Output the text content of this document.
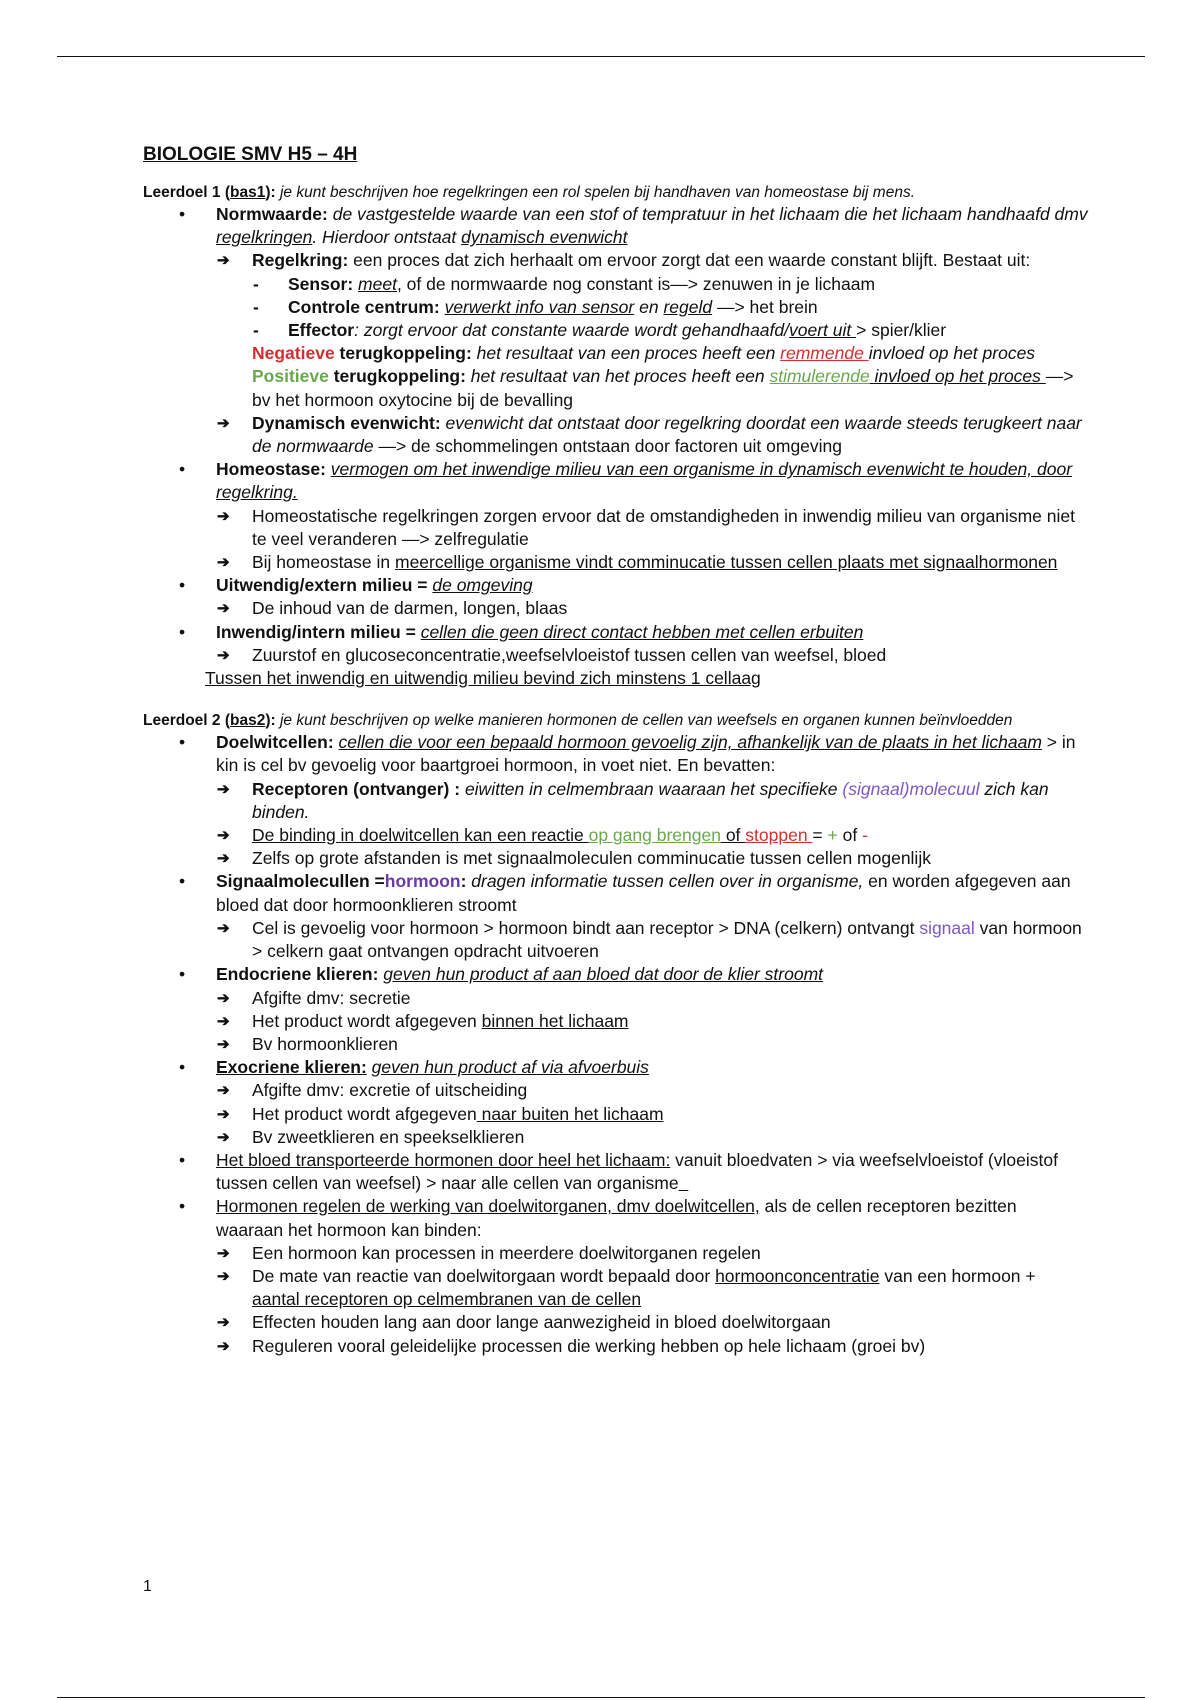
BIOLOGIE SMV H5 – 4H
Leerdoel 1 (bas1): je kunt beschrijven hoe regelkringen een rol spelen bij handhaven van homeostase bij mens.
• Normwaarde: de vastgestelde waarde van een stof of tempratuur in het lichaam die het lichaam handhaafd dmv regelkringen. Hierdoor ontstaat dynamisch evenwicht
➔ Regelkring: een proces dat zich herhaalt om ervoor zorgt dat een waarde constant blijft. Bestaat uit:
- Sensor: meet, of de normwaarde nog constant is—> zenuwen in je lichaam
- Controle centrum: verwerkt info van sensor en regeld —> het brein
- Effector: zorgt ervoor dat constante waarde wordt gehandhaafd/voert uit > spier/klier
Negatieve terugkoppeling: het resultaat van een proces heeft een remmende invloed op het proces
Positieve terugkoppeling: het resultaat van het proces heeft een stimulerende invloed op het proces —> bv het hormoon oxytocine bij de bevalling
➔ Dynamisch evenwicht: evenwicht dat ontstaat door regelkring doordat een waarde steeds terugkeert naar de normwaarde —> de schommelingen ontstaan door factoren uit omgeving
• Homeostase: vermogen om het inwendige milieu van een organisme in dynamisch evenwicht te houden, door regelkring.
➔ Homeostatische regelkringen zorgen ervoor dat de omstandigheden in inwendig milieu van organisme niet te veel veranderen —> zelfregulatie
➔ Bij homeostase in meercellige organisme vindt comminucatie tussen cellen plaats met signaalhormonen
• Uitwendig/extern milieu = de omgeving
➔ De inhoud van de darmen, longen, blaas
• Inwendig/intern milieu = cellen die geen direct contact hebben met cellen erbuiten
➔ Zuurstof en glucoseconcentratie,weefselvloeistof tussen cellen van weefsel, bloed
Tussen het inwendig en uitwendig milieu bevind zich minstens 1 cellaag
Leerdoel 2 (bas2): je kunt beschrijven op welke manieren hormonen de cellen van weefsels en organen kunnen beïnvloedden
• Doelwitcellen: cellen die voor een bepaald hormoon gevoelig zijn, afhankelijk van de plaats in het lichaam > in kin is cel bv gevoelig voor baartgroei hormoon, in voet niet. En bevatten:
➔ Receptoren (ontvanger) : eiwitten in celmembraan waaraan het specifieke (signaal)molecuul zich kan binden.
➔ De binding in doelwitcellen kan een reactie op gang brengen of stoppen = + of -
➔ Zelfs op grote afstanden is met signaalmoleculen comminucatie tussen cellen mogenlijk
• Signaalmolecullen =hormoon: dragen informatie tussen cellen over in organisme, en worden afgegeven aan bloed dat door hormoonklieren stroomt
➔ Cel is gevoelig voor hormoon > hormoon bindt aan receptor > DNA (celkern) ontvangt signaal van hormoon > celkern gaat ontvangen opdracht uitvoeren
• Endocriene klieren: geven hun product af aan bloed dat door de klier stroomt
➔ Afgifte dmv: secretie
➔ Het product wordt afgegeven binnen het lichaam
➔ Bv hormoonklieren
• Exocriene klieren: geven hun product af via afvoerbuis
➔ Afgifte dmv: excretie of uitscheiding
➔ Het product wordt afgegeven naar buiten het lichaam
➔ Bv zweetklieren en speekselklieren
• Het bloed transporteerde hormonen door heel het lichaam: vanuit bloedvaten > via weefselvloeistof (vloeistof tussen cellen van weefsel) > naar alle cellen van organisme
• Hormonen regelen de werking van doelwitorganen, dmv doelwitcellen, als de cellen receptoren bezitten waaraan het hormoon kan binden:
➔ Een hormoon kan processen in meerdere doelwitorganen regelen
➔ De mate van reactie van doelwitorgaan wordt bepaald door hormoonconcentratie van een hormoon + aantal receptoren op celmembranen van de cellen
➔ Effecten houden lang aan door lange aanwezigheid in bloed doelwitorgaan
➔ Reguleren vooral geleidelijke processen die werking hebben op hele lichaam (groei bv)
1
